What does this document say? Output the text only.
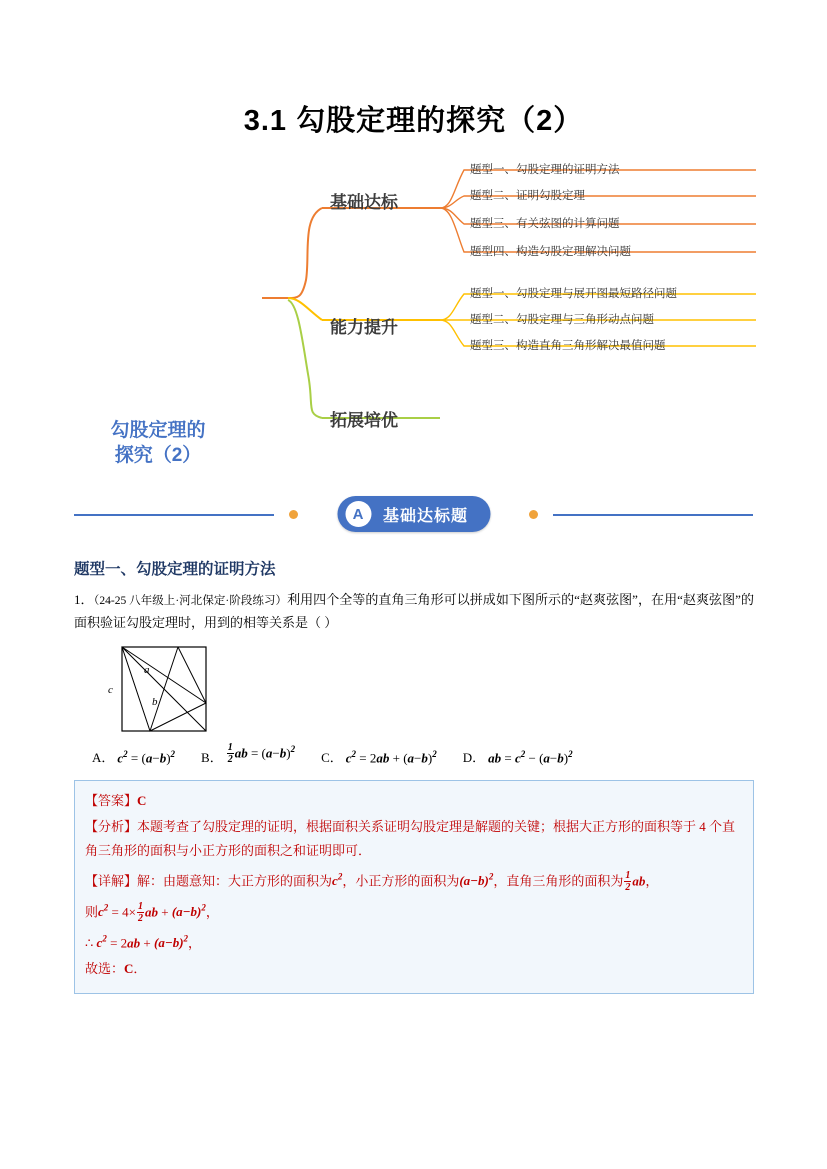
3.1 勾股定理的探究（2）
勾股定理的
探究（2）
基础达标
能力提升
拓展培优
题型一、勾股定理的证明方法
题型二、证明勾股定理
题型三、有关弦图的计算问题
题型四、构造勾股定理解决问题
题型一、勾股定理与展开图最短路径问题
题型二、勾股定理与三角形动点问题
题型三、构造直角三角形解决最值问题
A	基础达标题
题型一、勾股定理的证明方法
1．（24-25 八年级上·河北保定·阶段练习）利用四个全等的直角三角形可以拼成如下图所示的“赵爽弦图”，在用“赵爽弦图”的面积验证勾股定理时，用到的相等关系是（ ）
c
a
b
A． $c^2 = (a-b)^2$ B． $\frac{1}{2}$ ab = $(a-b)^2$
C． $c^2 = 2ab + (a-b)^2$ D． ab = $c^2 - (a-b)^2$
【答案】C
【分析】本题考查了勾股定理的证明，根据面积关系证明勾股定理是解题的关键；根据大正方形的面积等于 4 个直角三角形的面积与小正方形的面积之和证明即可．
【详解】解：由题意知：大正方形的面积为$c^2$，小正方形的面积为$(a-b)^2$，直角三角形的面积为 $\frac{1}{2}$ ab，
则$c^2 = 4\times \frac{1}{2}$ ab + $(a-b)^2$，
∴ $c^2 = 2ab + (a-b)^2$，
故选：C．
